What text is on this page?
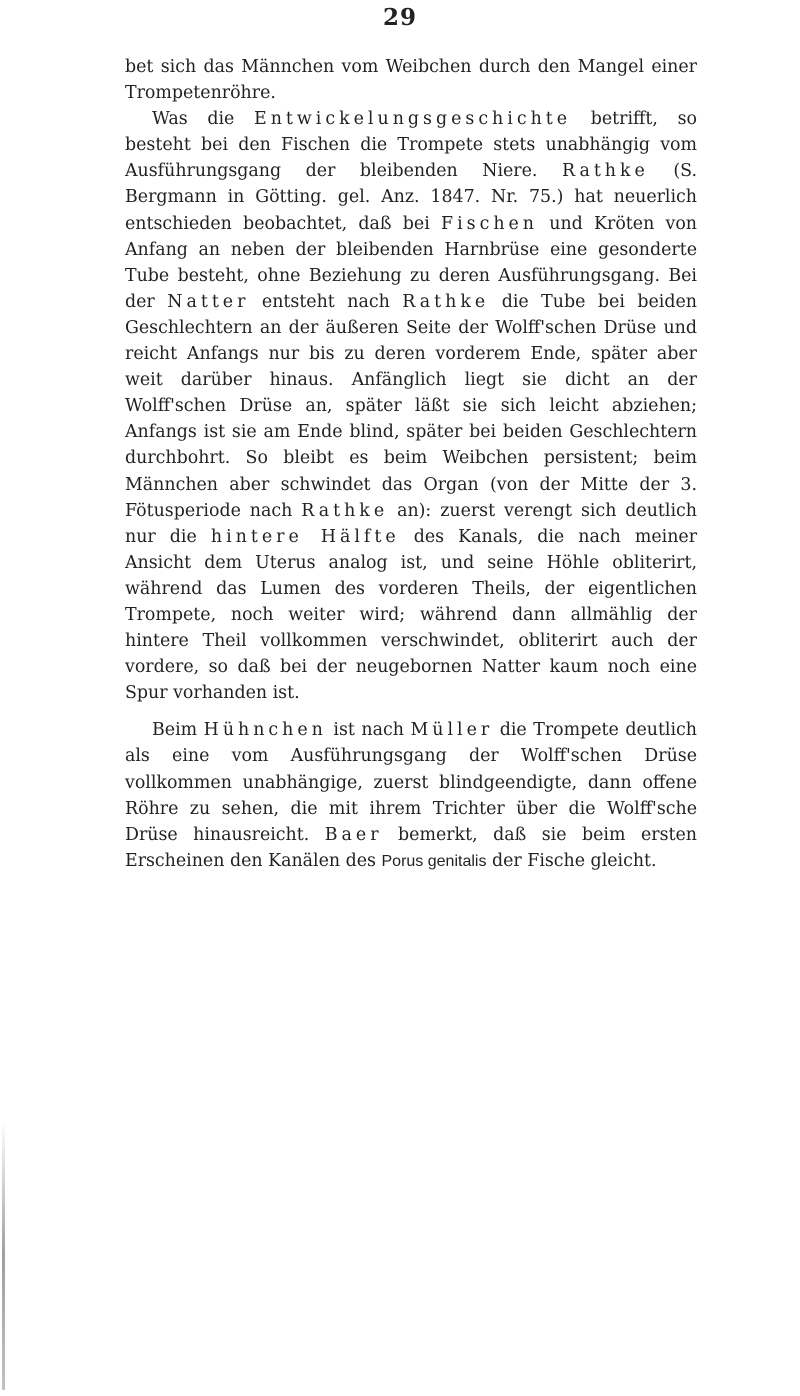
29

bet sich das Männchen vom Weibchen durch den Mangel einer Trompetenröhre.

Was die Entwickelungsgeschichte betrifft, so besteht bei den Fischen die Trompete stets unabhängig vom Ausführungsgang der bleibenden Niere. Rathke (S. Bergmann in Götting. gel. Anz. 1847. Nr. 75.) hat neuerlich entschieden beobachtet, daß bei Fischen und Kröten von Anfang an neben der bleibenden Harnbrüse eine gesonderte Tube besteht, ohne Beziehung zu deren Ausführungsgang. Bei der Natter entsteht nach Rathke die Tube bei beiden Geschlechtern an der äußeren Seite der Wolff'schen Drüse und reicht Anfangs nur bis zu deren vorderem Ende, später aber weit darüber hinaus. Anfänglich liegt sie dicht an der Wolff'schen Drüse an, später läßt sie sich leicht abziehen; Anfangs ist sie am Ende blind, später bei beiden Geschlechtern durchbohrt. So bleibt es beim Weibchen persistent; beim Männchen aber schwindet das Organ (von der Mitte der 3. Fötusperiode nach Rathke an): zuerst verengt sich deutlich nur die hintere Hälfte des Kanals, die nach meiner Ansicht dem Uterus analog ist, und seine Höhle obliterirt, während das Lumen des vorderen Theils, der eigentlichen Trompete, noch weiter wird; während dann allmählig der hintere Theil vollkommen verschwindet, obliterirt auch der vordere, so daß bei der neugebornen Natter kaum noch eine Spur vorhanden ist.

Beim Hühnchen ist nach Müller die Trompete deutlich als eine vom Ausführungsgang der Wolff'schen Drüse vollkommen unabhängige, zuerst blindgeendigte, dann offene Röhre zu sehen, die mit ihrem Trichter über die Wolff'sche Drüse hinausreicht. Baer bemerkt, daß sie beim ersten Erscheinen den Kanälen des Porus genitalis der Fische gleicht.
